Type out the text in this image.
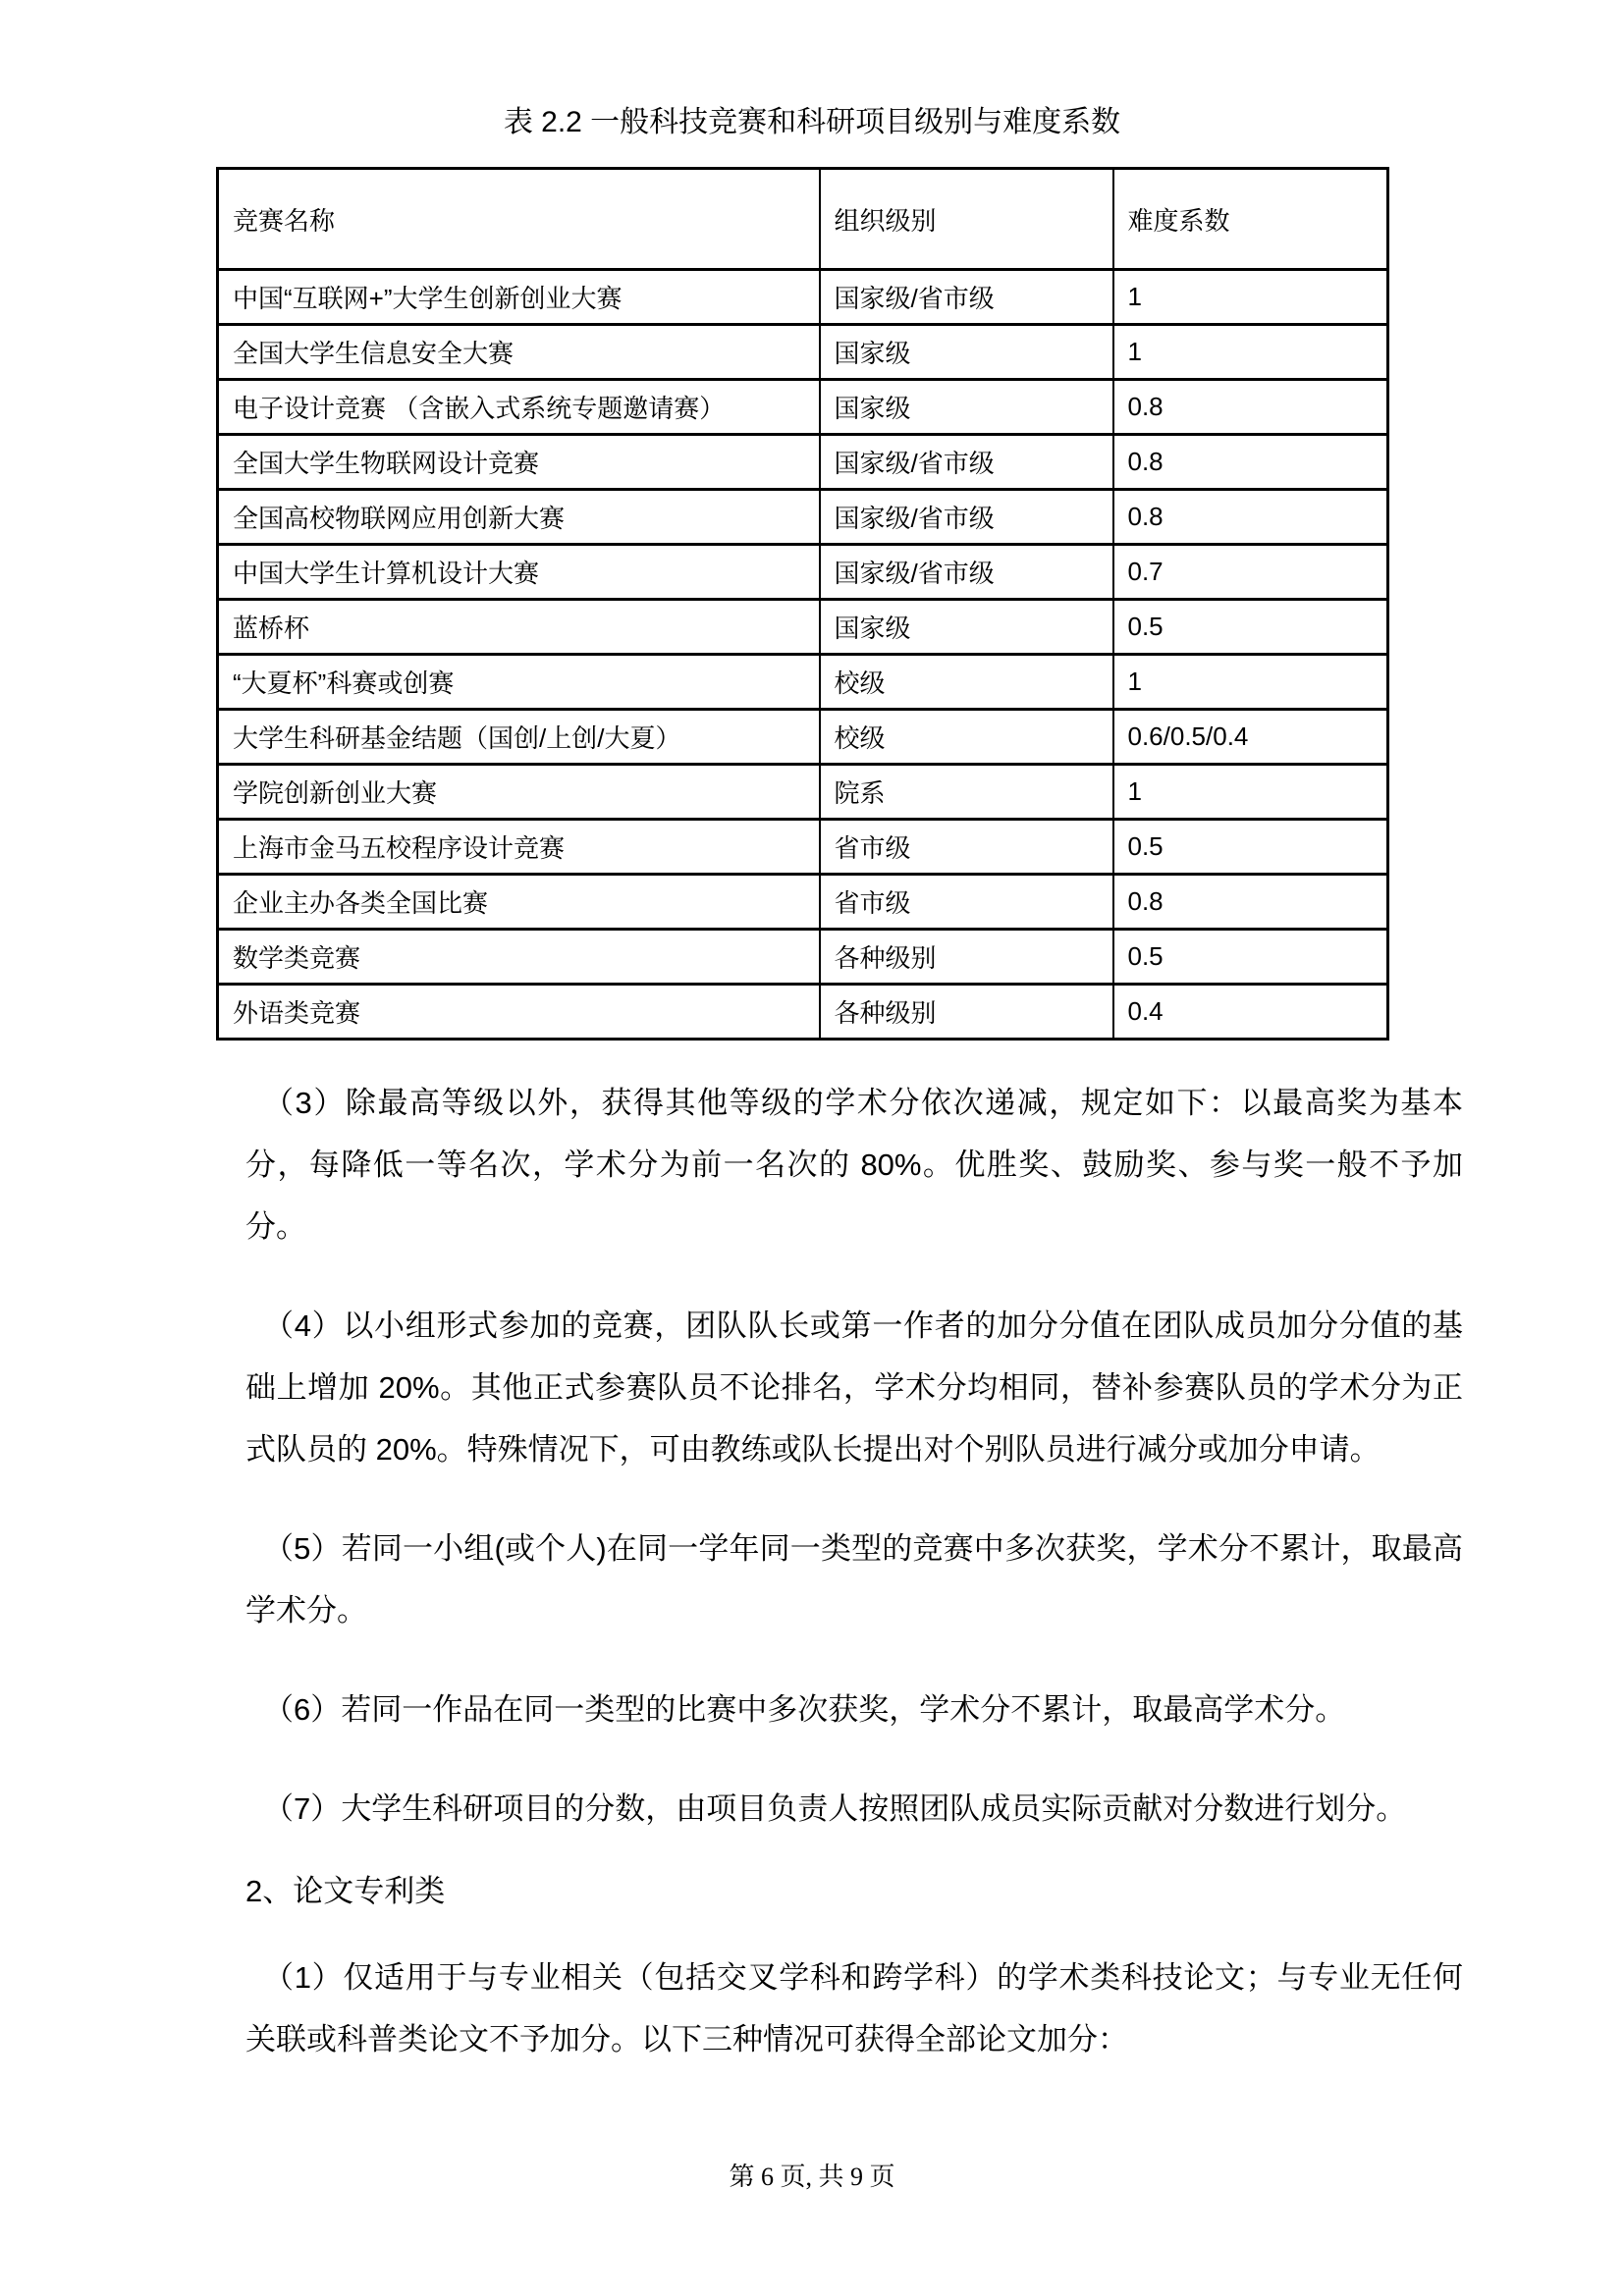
表 2.2 一般科技竞赛和科研项目级别与难度系数
竞赛名称	组织级别	难度系数
中国“互联网+”大学生创新创业大赛	国家级/省市级	1
全国大学生信息安全大赛	国家级	1
电子设计竞赛 （含嵌入式系统专题邀请赛）	国家级	0.8
全国大学生物联网设计竞赛	国家级/省市级	0.8
全国高校物联网应用创新大赛	国家级/省市级	0.8
中国大学生计算机设计大赛	国家级/省市级	0.7
蓝桥杯	国家级	0.5
“大夏杯”科赛或创赛	校级	1
大学生科研基金结题（国创/上创/大夏）	校级	0.6/0.5/0.4
学院创新创业大赛	院系	1
上海市金马五校程序设计竞赛	省市级	0.5
企业主办各类全国比赛	省市级	0.8
数学类竞赛	各种级别	0.5
外语类竞赛	各种级别	0.4

（3）除最高等级以外，获得其他等级的学术分依次递减，规定如下：以最高奖为基本分，每降低一等名次，学术分为前一名次的 80%。优胜奖、鼓励奖、参与奖一般不予加分。

（4）以小组形式参加的竞赛，团队队长或第一作者的加分分值在团队成员加分分值的基础上增加 20%。其他正式参赛队员不论排名，学术分均相同，替补参赛队员的学术分为正式队员的 20%。特殊情况下，可由教练或队长提出对个别队员进行减分或加分申请。

（5）若同一小组(或个人)在同一学年同一类型的竞赛中多次获奖，学术分不累计，取最高学术分。

（6）若同一作品在同一类型的比赛中多次获奖，学术分不累计，取最高学术分。

（7）大学生科研项目的分数，由项目负责人按照团队成员实际贡献对分数进行划分。

2、论文专利类

（1）仅适用于与专业相关（包括交叉学科和跨学科）的学术类科技论文；与专业无任何关联或科普类论文不予加分。以下三种情况可获得全部论文加分：

第 6 页, 共 9 页
